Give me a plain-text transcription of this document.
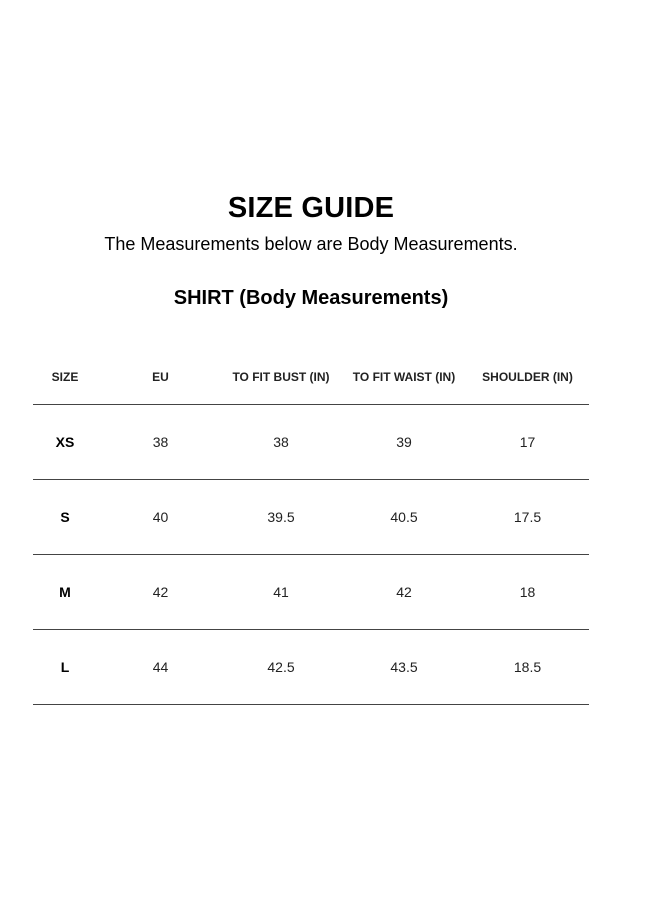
SIZE GUIDE
The Measurements below are Body Measurements.
SHIRT (Body Measurements)
SIZE	EU	TO FIT BUST (IN)	TO FIT WAIST (IN)	SHOULDER (IN)
XS	38	38	39	17
S	40	39.5	40.5	17.5
M	42	41	42	18
L	44	42.5	43.5	18.5
